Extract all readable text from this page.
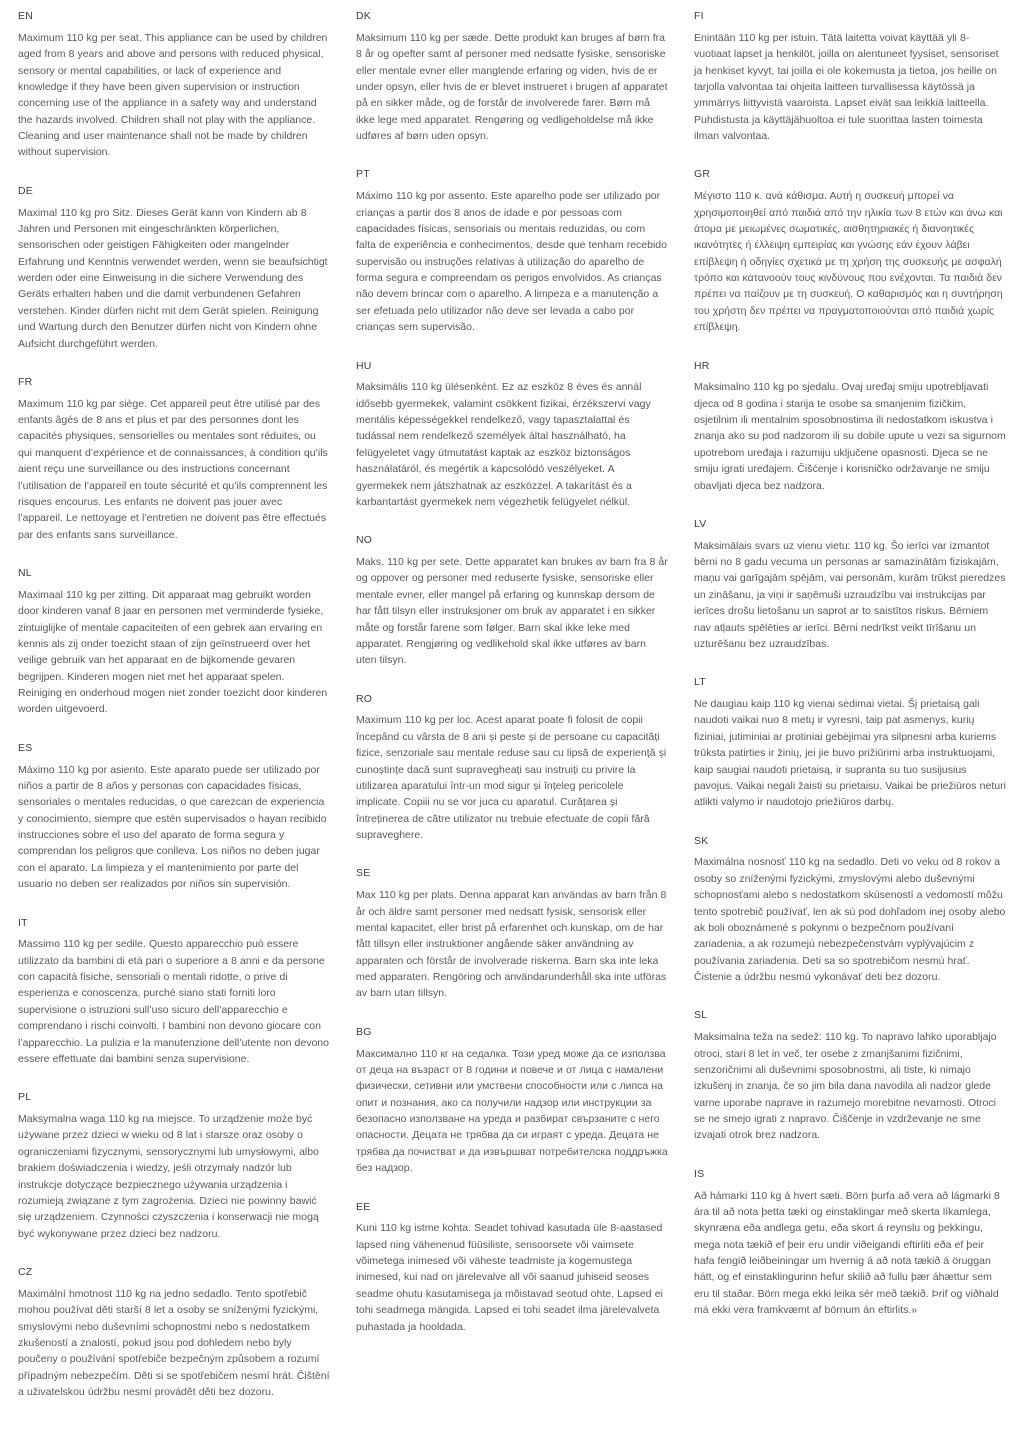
EN

Maximum 110 kg per seat. This appliance can be used by children aged from 8 years and above and persons with reduced physical, sensory or mental capabilities, or lack of experience and knowledge if they have been given supervision or instruction concerning use of the appliance in a safety way and understand the hazards involved. Children shall not play with the appliance. Cleaning and user maintenance shall not be made by children without supervision.

DE

Maximal 110 kg pro Sitz. Dieses Gerät kann von Kindern ab 8 Jahren und Personen mit eingeschränkten körperlichen, sensorischen oder geistigen Fähigkeiten oder mangelnder Erfahrung und Kenntnis verwendet werden, wenn sie beaufsichtigt werden oder eine Einweisung in die sichere Verwendung des Geräts erhalten haben und die damit verbundenen Gefahren verstehen. Kinder dürfen nicht mit dem Gerät spielen. Reinigung und Wartung durch den Benutzer dürfen nicht von Kindern ohne Aufsicht durchgeführt werden.

FR

Maximum 110 kg par siège. Cet appareil peut être utilisé par des enfants âgés de 8 ans et plus et par des personnes dont les capacités physiques, sensorielles ou mentales sont réduites, ou qui manquent d’expérience et de connaissances, à condition qu’ils aient reçu une surveillance ou des instructions concernant l’utilisation de l’appareil en toute sécurité et qu’ils comprennent les risques encourus. Les enfants ne doivent pas jouer avec l’appareil. Le nettoyage et l’entretien ne doivent pas être effectués par des enfants sans surveillance.

NL

Maximaal 110 kg per zitting. Dit apparaat mag gebruikt worden door kinderen vanaf 8 jaar en personen met verminderde fysieke, zintuiglijke of mentale capaciteiten of een gebrek aan ervaring en kennis als zij onder toezicht staan of zijn geïnstrueerd over het veilige gebruik van het apparaat en de bijkomende gevaren begrijpen. Kinderen mogen niet met het apparaat spelen. Reiniging en onderhoud mogen niet zonder toezicht door kinderen worden uitgevoerd.

ES

Máximo 110 kg por asiento. Este aparato puede ser utilizado por niños a partir de 8 años y personas con capacidades físicas, sensoriales o mentales reducidas, o que carezcan de experiencia y conocimiento, siempre que estén supervisados o hayan recibido instrucciones sobre el uso del aparato de forma segura y comprendan los peligros que conlleva. Los niños no deben jugar con el aparato. La limpieza y el mantenimiento por parte del usuario no deben ser realizados por niños sin supervisión.

IT

Massimo 110 kg per sedile. Questo apparecchio può essere utilizzato da bambini di età pari o superiore a 8 anni e da persone con capacità fisiche, sensoriali o mentali ridotte, o prive di esperienza e conoscenza, purché siano stati forniti loro supervisione o istruzioni sull’uso sicuro dell’apparecchio e comprendano i rischi coinvolti. I bambini non devono giocare con l’apparecchio. La pulizia e la manutenzione dell’utente non devono essere effettuate dai bambini senza supervisione.

PL

Maksymalna waga 110 kg na miejsce. To urządzenie może być używane przez dzieci w wieku od 8 lat i starsze oraz osoby o ograniczeniami fizycznymi, sensorycznymi lub umysłowymi, albo brakiem doświadczenia i wiedzy, jeśli otrzymały nadzór lub instrukcje dotyczące bezpiecznego używania urządzenia i rozumieją związane z tym zagrożenia. Dzieci nie powinny bawić się urządzeniem. Czynności czyszczenia i konserwacji nie mogą być wykonywane przez dzieci bez nadzoru.

CZ

Maximální hmotnost 110 kg na jedno sedadlo. Tento spotřebič mohou používat děti starší 8 let a osoby se sníženými fyzickými, smyslovými nebo duševními schopnostmi nebo s nedostatkem zkušeností a znalostí, pokud jsou pod dohledem nebo byly poučeny o používání spotřebiče bezpečným způsobem a rozumí případným nebezpečím. Děti si se spotřebičem nesmí hrát. Čištění a uživatelskou údržbu nesmí provádět děti bez dozoru.

DK

Maksimum 110 kg per sæde. Dette produkt kan bruges af børn fra 8 år og opefter samt af personer med nedsatte fysiske, sensoriske eller mentale evner eller manglende erfaring og viden, hvis de er under opsyn, eller hvis de er blevet instrueret i brugen af apparatet på en sikker måde, og de forstår de involverede farer. Børn må ikke lege med apparatet. Rengøring og vedligeholdelse må ikke udføres af børn uden opsyn.

PT

Máximo 110 kg por assento. Este aparelho pode ser utilizado por crianças a partir dos 8 anos de idade e por pessoas com capacidades físicas, sensoriais ou mentais reduzidas, ou com falta de experiência e conhecimentos, desde que tenham recebido supervisão ou instruções relativas à utilização do aparelho de forma segura e compreendam os perigos envolvidos. As crianças não devem brincar com o aparelho. A limpeza e a manutenção a ser efetuada pelo utilizador não deve ser levada a cabo por crianças sem supervisão.

HU

Maksimális 110 kg ülésenként. Ez az eszköz 8 éves és annál idősebb gyermekek, valamint csökkent fizikai, érzékszervi vagy mentális képességekkel rendelkező, vagy tapasztalattal és tudással nem rendelkező személyek által használható, ha felügyeletet vagy útmutatást kaptak az eszköz biztonságos használatáról, és megértik a kapcsolódó veszélyeket. A gyermekek nem játszhatnak az eszközzel. A takarítást és a karbantartást gyermekek nem végezhetik felügyelet nélkül.

NO

Maks. 110 kg per sete. Dette apparatet kan brukes av barn fra 8 år og oppover og personer med reduserte fysiske, sensoriske eller mentale evner, eller mangel på erfaring og kunnskap dersom de har fått tilsyn eller instruksjoner om bruk av apparatet i en sikker måte og forstår farene som følger. Barn skal ikke leke med apparatet. Rengjøring og vedlikehold skal ikke utføres av barn uten tilsyn.

RO

Maximum 110 kg per loc. Acest aparat poate fi folosit de copii începând cu vârsta de 8 ani și peste și de persoane cu capacități fizice, senzoriale sau mentale reduse sau cu lipsă de experiență și cunoștințe dacă sunt supravegheați sau instruiți cu privire la utilizarea aparatului într-un mod sigur și înțeleg pericolele implicate. Copiii nu se vor juca cu aparatul. Curățarea și întreținerea de către utilizator nu trebuie efectuate de copii fără supraveghere.

SE

Max 110 kg per plats. Denna apparat kan användas av barn från 8 år och äldre samt personer med nedsatt fysisk, sensorisk eller mental kapacitet, eller brist på erfarenhet och kunskap, om de har fått tillsyn eller instruktioner angående säker användning av apparaten och förstår de involverade riskerna. Barn ska inte leka med apparaten. Rengöring och användarunderhåll ska inte utföras av barn utan tillsyn.

BG

Максимално 110 кг на седалка. Този уред може да се използва от деца на възраст от 8 години и повече и от лица с намалени физически, сетивни или умствени способности или с липса на опит и познания, ако са получили надзор или инструкции за безопасно използване на уреда и разбират свързаните с него опасности. Децата не трябва да си играят с уреда. Децата не трябва да почистват и да извършват потребителска поддръжка без надзор.

EE

Kuni 110 kg istme kohta. Seadet tohivad kasutada üle 8-aastased lapsed ning vähenenud füüsiliste, sensoorsete või vaimsete võimetega inimesed või väheste teadmiste ja kogemustega inimesed, kui nad on järelevalve all või saanud juhiseid seoses seadme ohutu kasutamisega ja mõistavad seotud ohte. Lapsed ei tohi seadmega mängida. Lapsed ei tohi seadet ilma järelevalveta puhastada ja hooldada.

FI

Enintään 110 kg per istuin. Tätä laitetta voivat käyttää yli 8-vuotiaat lapset ja henkilöt, joilla on alentuneet fyysiset, sensoriset ja henkiset kyvyt, tai joilla ei ole kokemusta ja tietoa, jos heille on tarjolla valvontaa tai ohjeita laitteen turvallisessa käytössä ja ymmärrys liittyvistä vaaroista. Lapset eivät saa leikkiä laitteella. Puhdistusta ja käyttäjähuoltoa ei tule suorittaa lasten toimesta ilman valvontaa.

GR

Μέγιστο 110 κ. ανά κάθισμα. Αυτή η συσκευή μπορεί να χρησιμοποιηθεί από παιδιά από την ηλικία των 8 ετών και άνω και άτομα με μειωμένες σωματικές, αισθητηριακές ή διανοητικές ικανότητες ή έλλειψη εμπειρίας και γνώσης εάν έχουν λάβει επίβλεψη ή οδηγίες σχετικά με τη χρήση της συσκευής με ασφαλή τρόπο και κατανοούν τους κινδύνους που ενέχονται. Τα παιδιά δεν πρέπει να παίζουν με τη συσκευή. Ο καθαρισμός και η συντήρηση του χρήστη δεν πρέπει να πραγματοποιούνται από παιδιά χωρίς επίβλεψη.

HR

Maksimalno 110 kg po sjedalu. Ovaj uređaj smiju upotrebljavati djeca od 8 godina i starija te osobe sa smanjenim fizičkim, osjetilnim ili mentalnim sposobnostima ili nedostatkom iskustva i znanja ako su pod nadzorom ili su dobile upute u vezi sa sigurnom upotrebom uređaja i razumiju uključene opasnosti. Djeca se ne smiju igrati uređajem. Čišćenje i korisničko održavanje ne smiju obavljati djeca bez nadzora.

LV

Maksimālais svars uz vienu vietu: 110 kg. Šo ierīci var izmantot bērni no 8 gadu vecuma un personas ar samazinātām fiziskajām, maņu vai garīgajām spējām, vai personām, kurām trūkst pieredzes un zināšanu, ja viņi ir saņēmuši uzraudzību vai instrukcijas par ierīces drošu lietošanu un saprot ar to saistītos riskus. Bērniem nav atļauts spēlēties ar ierīci. Bērni nedrīkst veikt tīrīšanu un uzturēšanu bez uzraudzības.

LT

Ne daugiau kaip 110 kg vienai sėdimai vietai. Šį prietaisą gali naudoti vaikai nuo 8 metų ir vyresni, taip pat asmenys, kurių fiziniai, jutiminiai ar protiniai gebėjimai yra silpnesni arba kuriems trūksta patirties ir žinių, jei jie buvo prižiūrimi arba instruktuojami, kaip saugiai naudoti prietaisą, ir supranta su tuo susijusius pavojus. Vaikai negali žaisti su prietaisu. Vaikai be priežiūros neturi atlikti valymo ir naudotojo priežiūros darbų.

SK

Maximálna nosnosť 110 kg na sedadlo. Deti vo veku od 8 rokov a osoby so zníženými fyzickými, zmyslovými alebo duševnými schopnosťami alebo s nedostatkom skúseností a vedomostí môžu tento spotrebič používať, len ak sú pod dohľadom inej osoby alebo ak boli oboznámené s pokynmi o bezpečnom používaní zariadenia, a ak rozumejú nebezpečenstvám vyplývajúcim z používania zariadenia. Deti sa so spotrebičom nesmú hrať. Čistenie a údržbu nesmú vykonávať deti bez dozoru.

SL

Maksimalna teža na sedež: 110 kg. To napravo lahko uporabljajo otroci, stari 8 let in več, ter osebe z zmanjšanimi fizičnimi, senzoričnimi ali duševnimi sposobnostmi, ali tiste, ki nimajo izkušenj in znanja, če so jim bila dana navodila ali nadzor glede varne uporabe naprave in razumejo morebitne nevarnosti. Otroci se ne smejo igrati z napravo. Čiščenje in vzdrževanje ne sme izvajati otrok brez nadzora.

IS

Að hámarki 110 kg á hvert sæti. Börn þurfa að vera að lágmarki 8 ára til að nota þetta tæki og einstaklingar með skerta líkamlega, skynræna eða andlega getu, eða skort á reynslu og þekkingu, mega nota tækið ef þeir eru undir viðeigandi eftirliti eða ef þeir hafa fengið leiðbeiningar um hvernig á að nota tækið á öruggan hátt, og ef einstaklingurinn hefur skilið að fullu þær áhættur sem eru til staðar. Börn mega ekki leika sér með tækið. Þrif og viðhald má ekki vera framkvæmt af börnum án eftirlits.»
